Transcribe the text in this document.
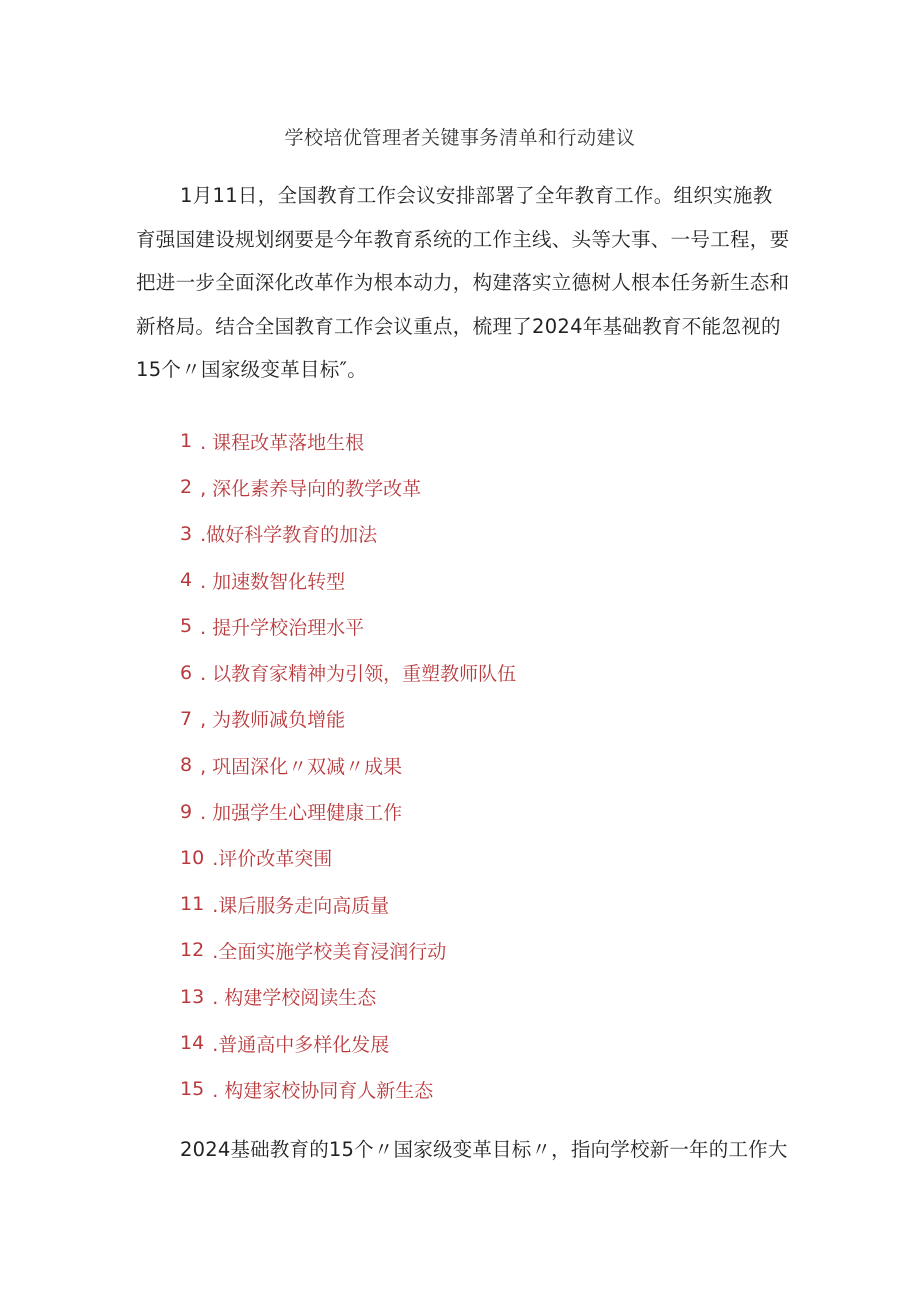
学校培优管理者关键事务清单和行动建议

1月11日，全国教育工作会议安排部署了全年教育工作。组织实施教育强国建设规划纲要是今年教育系统的工作主线、头等大事、一号工程，要把进一步全面深化改革作为根本动力，构建落实立德树人根本任务新生态和新格局。结合全国教育工作会议重点，梳理了2024年基础教育不能忽视的15个〃国家级变革目标″。

1 . 课程改革落地生根
2 , 深化素养导向的教学改革
3 .做好科学教育的加法
4 . 加速数智化转型
5 . 提升学校治理水平
6 . 以教育家精神为引领，重塑教师队伍
7 , 为教师减负增能
8 , 巩固深化〃双减〃成果
9 . 加强学生心理健康工作
10 .评价改革突围
11 .课后服务走向高质量
12 .全面实施学校美育浸润行动
13 . 构建学校阅读生态
14 .普通高中多样化发展
15 . 构建家校协同育人新生态

2024基础教育的15个〃国家级变革目标〃，指向学校新一年的工作大
